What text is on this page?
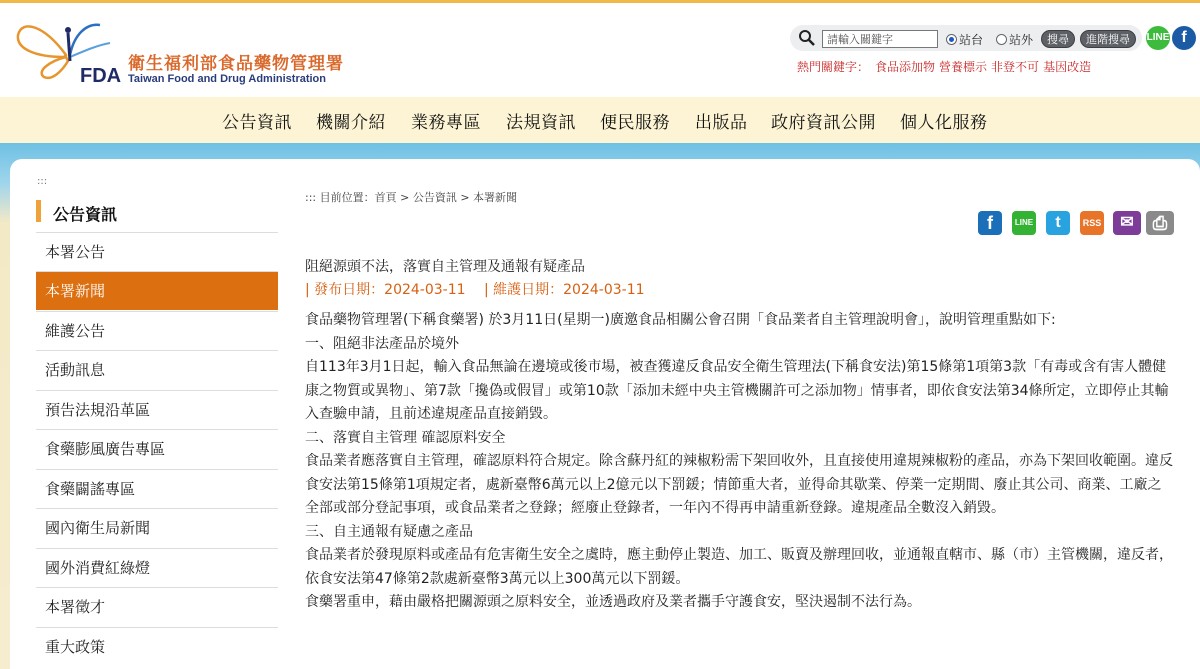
FDA
衛生福利部食品藥物管理署
Taiwan Food and Drug Administration
請輸入關鍵字
站台 站外	搜尋	進階搜尋	LINE f
熱門關鍵字： 食品添加物 營養標示 非登不可 基因改造
公告資訊 機關介紹 業務專區 法規資訊 便民服務 出版品 政府資訊公開 個人化服務
:::
公告資訊
本署公告
本署新聞
維護公告
活動訊息
預告法規沿革區
食藥膨風廣告專區
食藥闢謠專區
國內衛生局新聞
國外消費紅綠燈
本署徵才
重大政策
::: 目前位置：首頁 > 公告資訊 > 本署新聞
f	LINE	t	RSS	✉	⎙
阻絕源頭不法，落實自主管理及通報有疑產品
| 發布日期：2024-03-11 | 維護日期：2024-03-11

食品藥物管理署(下稱食藥署) 於3月11日(星期一)廣邀食品相關公會召開「食品業者自主管理說明會」，說明管理重點如下:

一、阻絕非法產品於境外

自113年3月1日起，輸入食品無論在邊境或後市場，被查獲違反食品安全衛生管理法(下稱食安法)第15條第1項第3款「有毒或含有害人體健康之物質或異物」、第7款「攙偽或假冒」或第10款「添加未經中央主管機關許可之添加物」情事者，即依食安法第34條所定，立即停止其輸入查驗申請，且前述違規產品直接銷毀。

二、落實自主管理 確認原料安全

食品業者應落實自主管理，確認原料符合規定。除含蘇丹紅的辣椒粉需下架回收外，且直接使用違規辣椒粉的產品，亦為下架回收範圍。違反食安法第15條第1項規定者，處新臺幣6萬元以上2億元以下罰鍰；情節重大者，並得命其歇業、停業一定期間、廢止其公司、商業、工廠之全部或部分登記事項，或食品業者之登錄；經廢止登錄者，一年內不得再申請重新登錄。違規產品全數沒入銷毀。

三、自主通報有疑慮之產品

食品業者於發現原料或產品有危害衛生安全之虞時，應主動停止製造、加工、販賣及辦理回收，並通報直轄市、縣（市）主管機關，違反者，依食安法第47條第2款處新臺幣3萬元以上300萬元以下罰鍰。

食藥署重申，藉由嚴格把關源頭之原料安全，並透過政府及業者攜手守護食安，堅決遏制不法行為。
